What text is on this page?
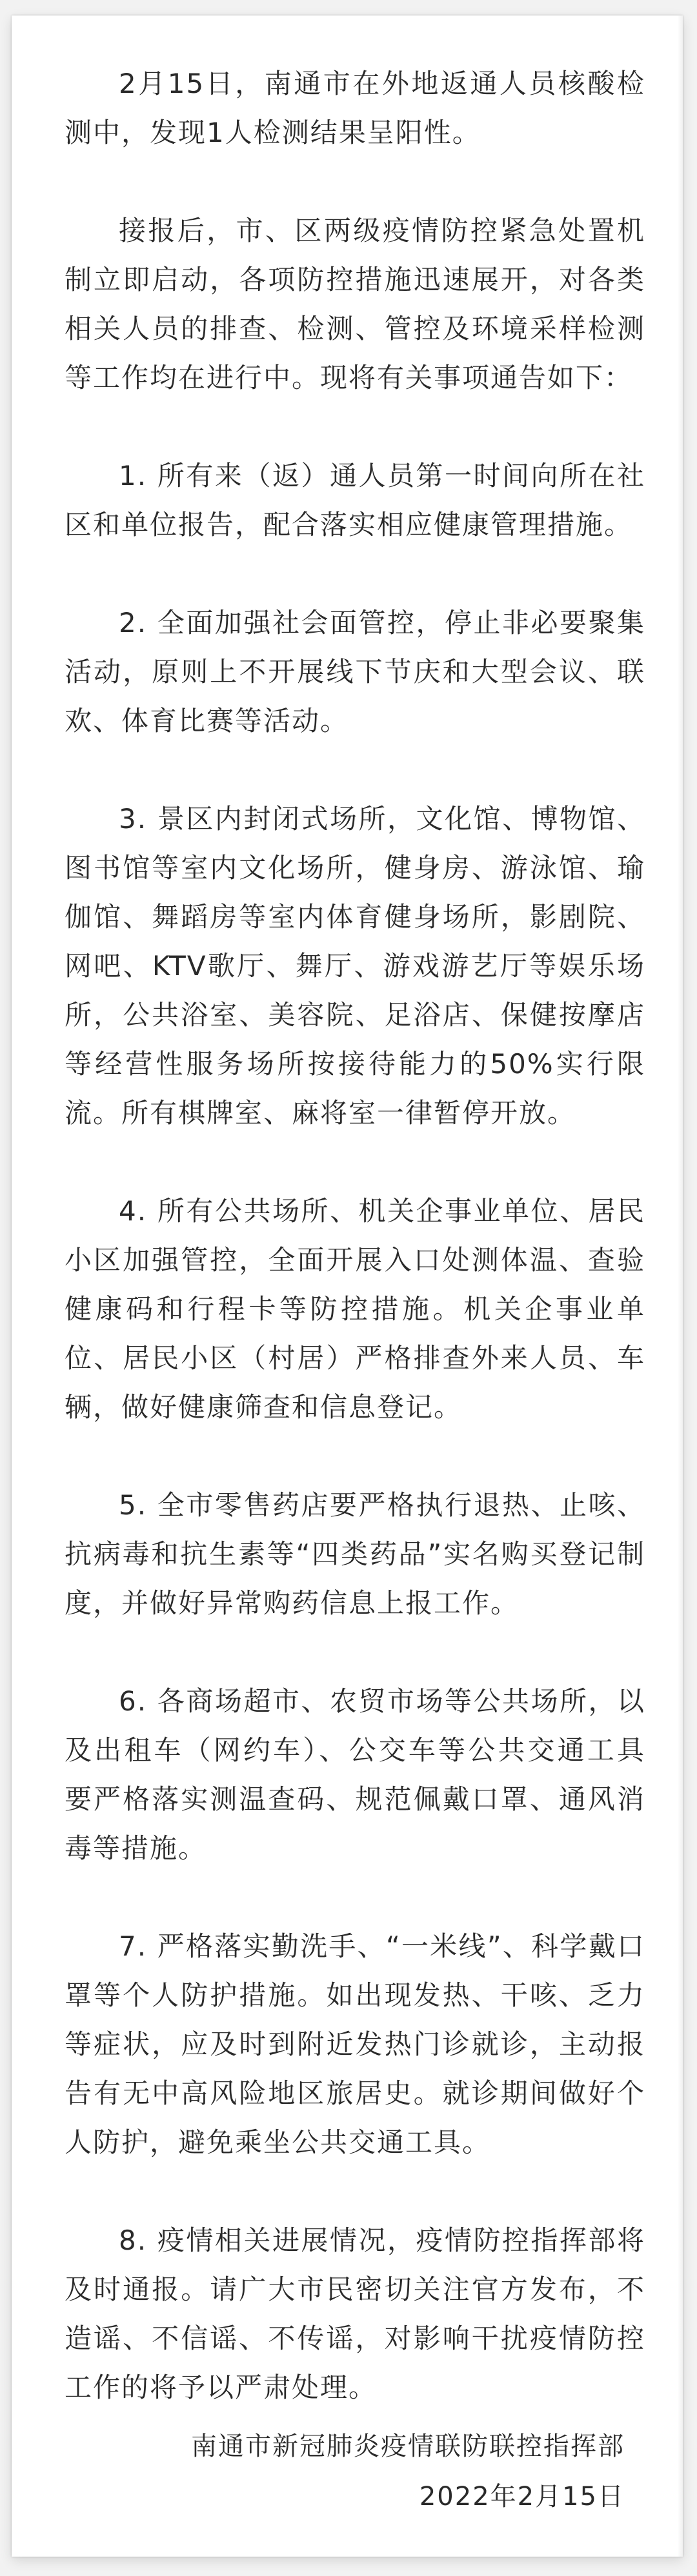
2月15日，南通市在外地返通人员核酸检测中，发现1人检测结果呈阳性。

接报后，市、区两级疫情防控紧急处置机制立即启动，各项防控措施迅速展开，对各类相关人员的排查、检测、管控及环境采样检测等工作均在进行中。现将有关事项通告如下：

1. 所有来（返）通人员第一时间向所在社区和单位报告，配合落实相应健康管理措施。

2. 全面加强社会面管控，停止非必要聚集活动，原则上不开展线下节庆和大型会议、联欢、体育比赛等活动。

3. 景区内封闭式场所，文化馆、博物馆、图书馆等室内文化场所，健身房、游泳馆、瑜伽馆、舞蹈房等室内体育健身场所，影剧院、网吧、KTV歌厅、舞厅、游戏游艺厅等娱乐场所，公共浴室、美容院、足浴店、保健按摩店等经营性服务场所按接待能力的50%实行限流。所有棋牌室、麻将室一律暂停开放。

4. 所有公共场所、机关企事业单位、居民小区加强管控，全面开展入口处测体温、查验健康码和行程卡等防控措施。机关企事业单位、居民小区（村居）严格排查外来人员、车辆，做好健康筛查和信息登记。

5. 全市零售药店要严格执行退热、止咳、抗病毒和抗生素等“四类药品”实名购买登记制度，并做好异常购药信息上报工作。

6. 各商场超市、农贸市场等公共场所，以及出租车（网约车）、公交车等公共交通工具要严格落实测温查码、规范佩戴口罩、通风消毒等措施。

7. 严格落实勤洗手、“一米线”、科学戴口罩等个人防护措施。如出现发热、干咳、乏力等症状，应及时到附近发热门诊就诊，主动报告有无中高风险地区旅居史。就诊期间做好个人防护，避免乘坐公共交通工具。

8. 疫情相关进展情况，疫情防控指挥部将及时通报。请广大市民密切关注官方发布，不造谣、不信谣、不传谣，对影响干扰疫情防控工作的将予以严肃处理。

南通市新冠肺炎疫情联防联控指挥部
2022年2月15日
